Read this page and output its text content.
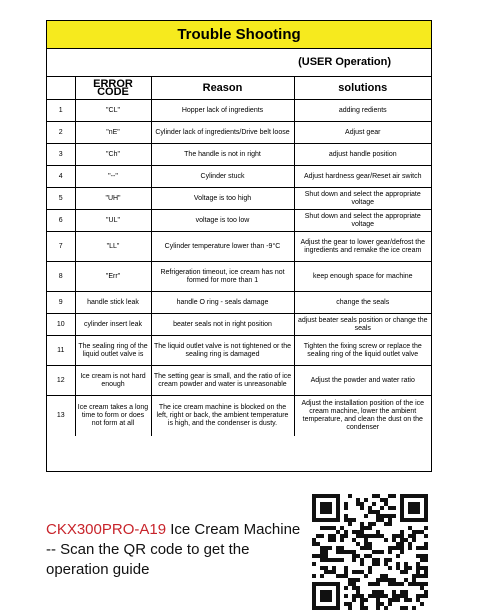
Trouble Shooting
(USER Operation)
	ERROR CODE	Reason	solutions
1	"CL"	Hopper lack of ingredients	adding redients
2	"nE"	Cylinder lack of ingredients/Drive belt loose	Adjust gear
3	"Ch"	The handle is not in right	adjust handle position
4	"--"	Cylinder stuck	Adjust hardness gear/Reset air switch
5	"UH"	Voltage is too high	Shut down and select the appropriate voltage
6	"UL"	voltage is too low	Shut down and select the appropriate voltage
7	"LL"	Cylinder temperature lower than -9°C	Adjust the gear to lower gear/defrost the ingredients and remake the ice cream
8	"Err"	Refrigeration timeout, ice cream has not formed for more than 1	keep enough space for machine
9	handle stick leak	handle O ring - seals damage	change the seals
10	cylinder insert leak	beater seals not in right position	adjust beater seals position or change the seals
11	The sealing ring of the liquid outlet valve is	The liquid outlet valve is not tightened or the sealing ring is damaged	Tighten the fixing screw or replace the sealing ring of the liquid outlet valve
12	Ice cream is not hard enough	The setting gear is small, and the ratio of ice cream powder and water is unreasonable	Adjust the powder and water ratio
13	Ice cream takes a long time to form or does not form at all	The ice cream machine is blocked on the left, right or back, the ambient temperature is high, and the condenser is dusty.	Adjust the installation position of the ice cream machine, lower the ambient temperature, and clean the dust on the condenser
CKX300PRO-A19 Ice Cream Machine -- Scan the QR code to get the operation guide
